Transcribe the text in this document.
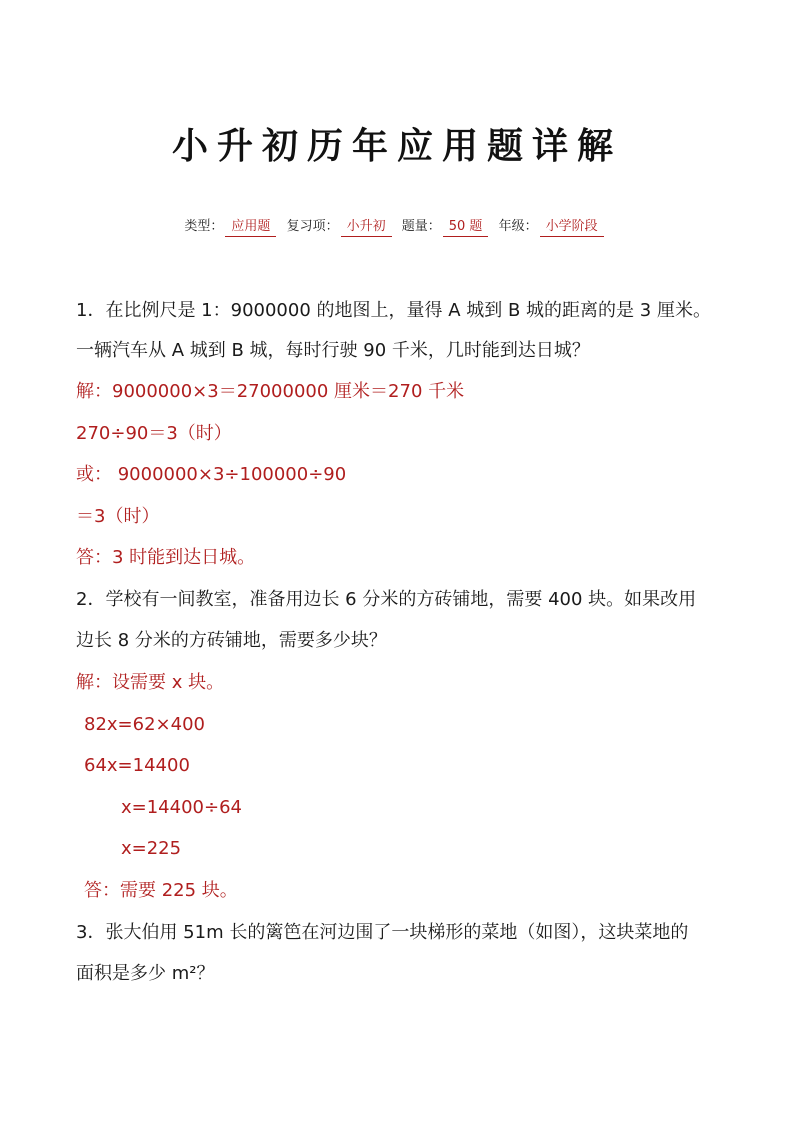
小升初历年应用题详解
类型： 应用题 复习项： 小升初 题量： 50 题 年级： 小学阶段
1．在比例尺是 1：9000000 的地图上，量得 A 城到 B 城的距离的是 3 厘米。
一辆汽车从 A 城到 B 城，每时行驶 90 千米，几时能到达日城？
解：9000000×3＝27000000 厘米＝270 千米
270÷90＝3（时）
或： 9000000×3÷100000÷90
＝3（时）
答：3 时能到达日城。
2．学校有一间教室，准备用边长 6 分米的方砖铺地，需要 400 块。如果改用
边长 8 分米的方砖铺地，需要多少块？
解：设需要 x 块。
82x=62×400
64x=14400
x=14400÷64
x=225
答：需要 225 块。
3．张大伯用 51m 长的篱笆在河边围了一块梯形的菜地（如图），这块菜地的
面积是多少 m²？
